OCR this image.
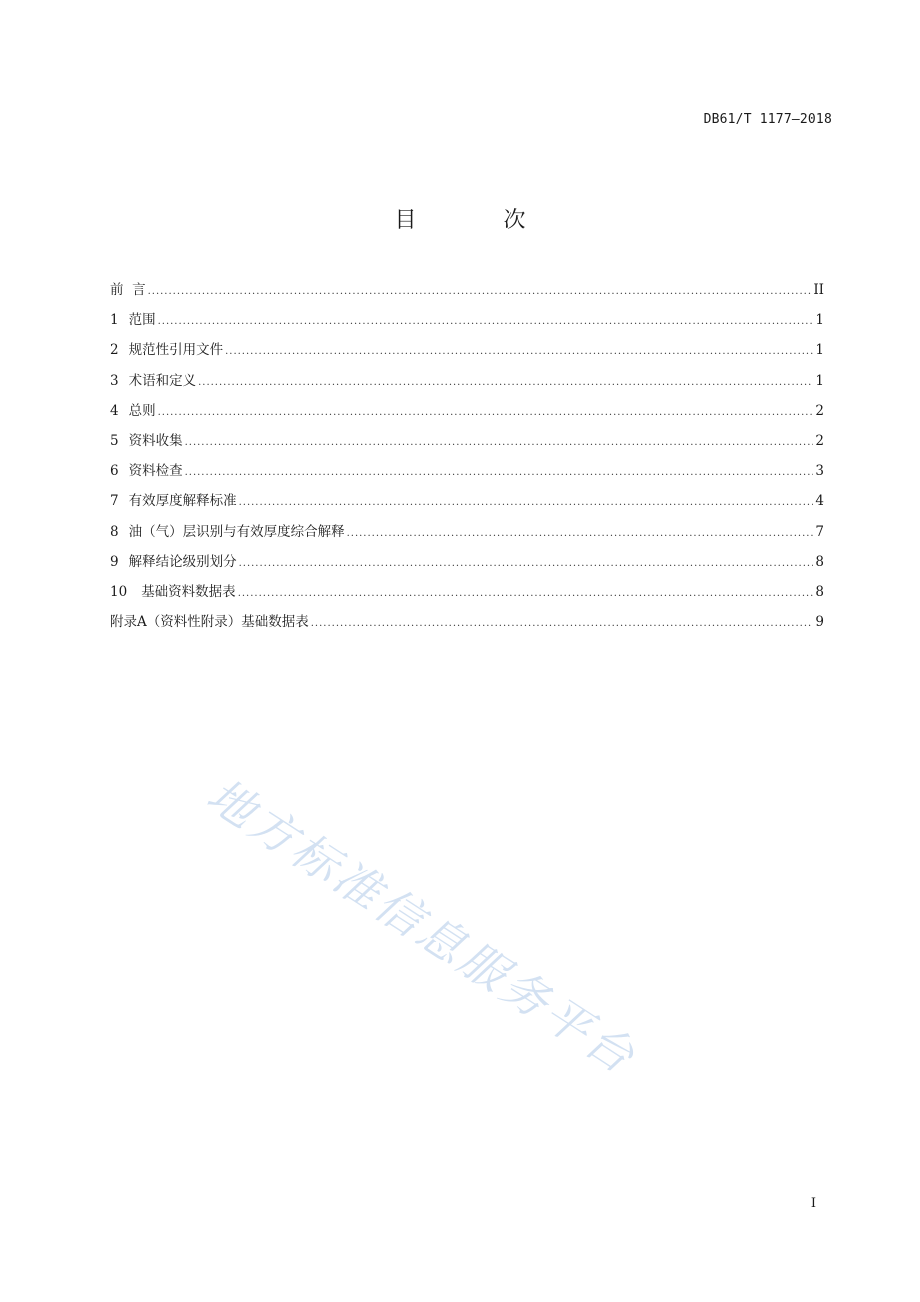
DB61/T 1177—2018
目 次
前  言 .....	II
1 范围 .....	1
2 规范性引用文件 .....	1
3 术语和定义 .....	1
4 总则 .....	2
5 资料收集 .....	2
6 资料检查 .....	3
7 有效厚度解释标准 .....	4
8 油（气）层识别与有效厚度综合解释 .....	7
9 解释结论级别划分 .....	8
10 基础资料数据表 .....	8
附录A（资料性附录）基础数据表 .....	9
地方标准信息服务平台
I
